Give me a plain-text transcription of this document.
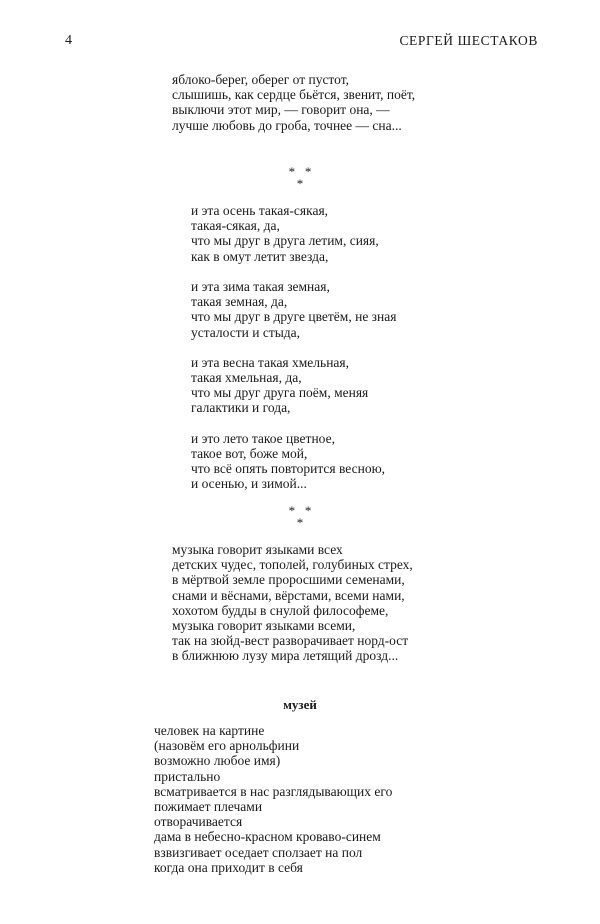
4	СЕРГЕЙ ШЕСТАКОВ
яблоко-берег, оберег от пустот,
слышишь, как сердце бьётся, звенит, поёт,
выключи этот мир, — говорит она, —
лучше любовь до гроба, точнее — сна...
*   *
*
и эта осень такая-сякая,
такая-сякая, да,
что мы друг в друга летим, сияя,
как в омут летит звезда,
и эта зима такая земная,
такая земная, да,
что мы друг в друге цветём, не зная
усталости и стыда,
и эта весна такая хмельная,
такая хмельная, да,
что мы друг друга поём, меняя
галактики и года,
и это лето такое цветное,
такое вот, боже мой,
что всё опять повторится весною,
и осенью, и зимой...
*   *
*
музыка говорит языками всех
детских чудес, тополей, голубиных стрех,
в мёртвой земле проросшими семенами,
снами и вёснами, вёрстами, всеми нами,
хохотом будды в снулой философеме,
музыка говорит языками всеми,
так на зюйд-вест разворачивает норд-ост
в ближнюю лузу мира летящий дрозд...
музей
человек на картине
(назовём его арнольфини
возможно любое имя)
пристально
всматривается в нас разглядывающих его
пожимает плечами
отворачивается
дама в небесно-красном кроваво-синем
взвизгивает оседает сползает на пол
когда она приходит в себя
